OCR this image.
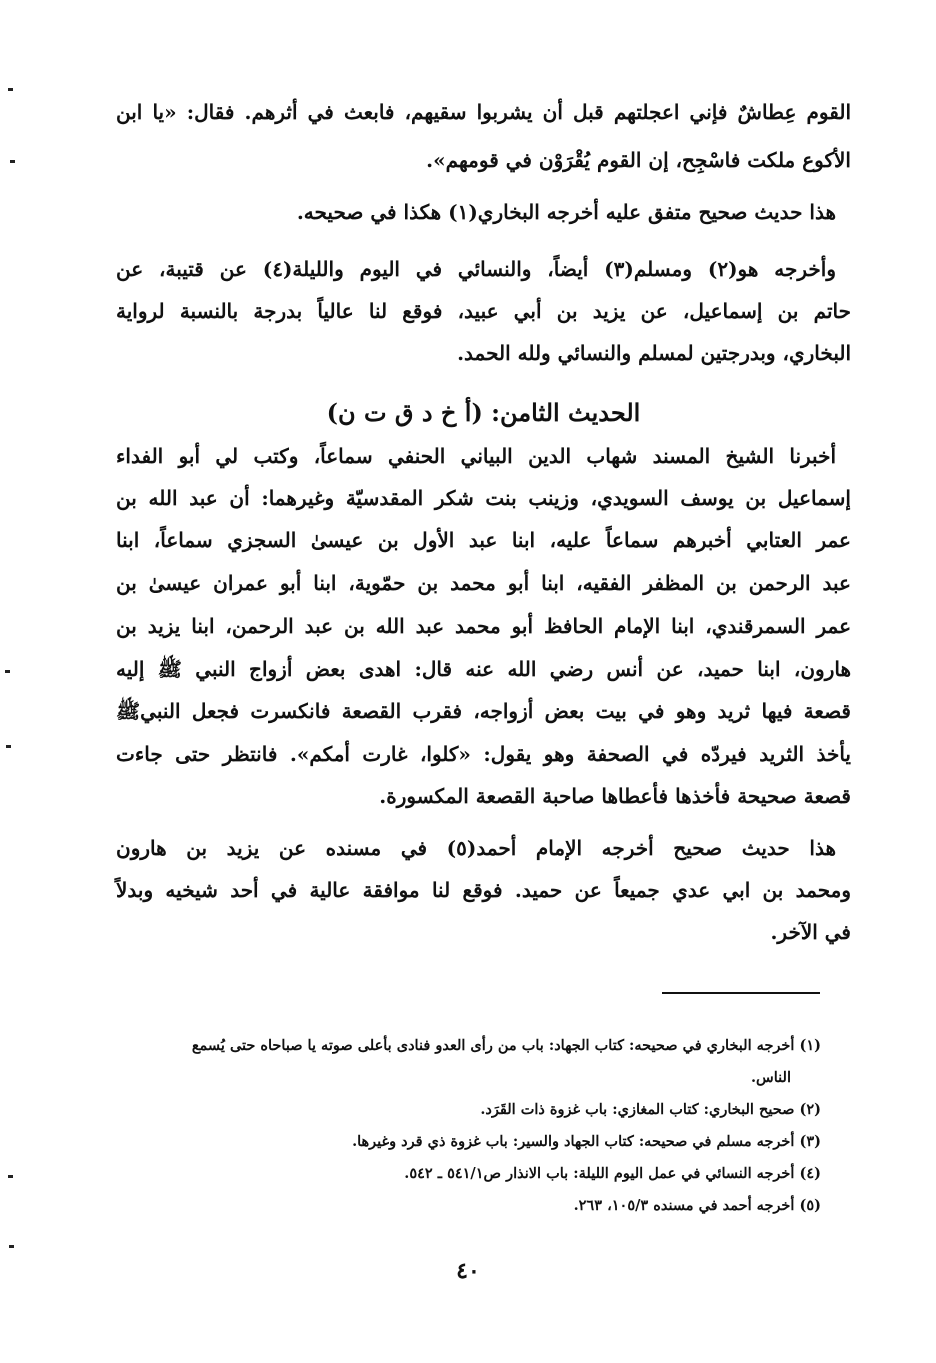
القوم عِطاشٌ فإني اعجلتهم قبل أن يشربوا سقيهم، فابعث في أثرهم. فقال: «يا ابن
الأكوع ملكت فاسْجِح، إن القوم يُقْرَوْن في قومهم».
هذا حديث صحيح متفق عليه أخرجه البخاري(١) هكذا في صحيحه.
وأخرجه هو(٢) ومسلم(٣) أيضاً، والنسائي في اليوم والليلة(٤) عن قتيبة، عن
حاتم بن إسماعيل، عن يزيد بن أبي عبيد، فوقع لنا عالياً بدرجة بالنسبة لرواية
البخاري، وبدرجتين لمسلم والنسائي ولله الحمد.
الحديث الثامن: (أ خ د ق ت ن)
أخبرنا الشيخ المسند شهاب الدين البياني الحنفي سماعاً، وكتب لي أبو الفداء
إسماعيل بن يوسف السويدي، وزينب بنت شكر المقدسيّة وغيرهما: أن عبد الله بن
عمر العتابي أخبرهم سماعاً عليه، ابنا عبد الأول بن عيسىٰ السجزي سماعاً، ابنا
عبد الرحمن بن المظفر الفقيه، ابنا أبو محمد بن حمّوية، ابنا أبو عمران عيسىٰ بن
عمر السمرقندي، ابنا الإمام الحافظ أبو محمد عبد الله بن عبد الرحمن، ابنا يزيد بن
هارون، ابنا حميد، عن أنس رضي الله عنه قال: اهدى بعض أزواج النبي ﷺ إليه
قصعة فيها ثريد وهو في بيت بعض أزواجه، فقرب القصعة فانكسرت فجعل النبيﷺ
يأخذ الثريد فيردّه في الصحفة وهو يقول: «كلوا، غارت أمكم». فانتظر حتى جاءت
قصعة صحيحة فأخذها فأعطاها صاحبة القصعة المكسورة.
هذا حديث صحيح أخرجه الإمام أحمد(٥) في مسنده عن يزيد بن هارون
ومحمد بن ابي عدي جميعاً عن حميد. فوقع لنا موافقة عالية في أحد شيخيه وبدلاً
في الآخر.
(١) أخرجه البخاري في صحيحه: كتاب الجهاد: باب من رأى العدو فنادى بأعلى صوته يا صباحاه حتى يُسمع
الناس.
(٢) صحيح البخاري: كتاب المغازي: باب غزوة ذات القَرَد.
(٣) أخرجه مسلم في صحيحه: كتاب الجهاد والسير: باب غزوة ذي قرد وغيرها.
(٤) أخرجه النسائي في عمل اليوم الليلة: باب الانذار ص٥٤١/١ ـ ٥٤٢.
(٥) أخرجه أحمد في مسنده ١٠٥/٣، ٢٦٣.
٤٠
